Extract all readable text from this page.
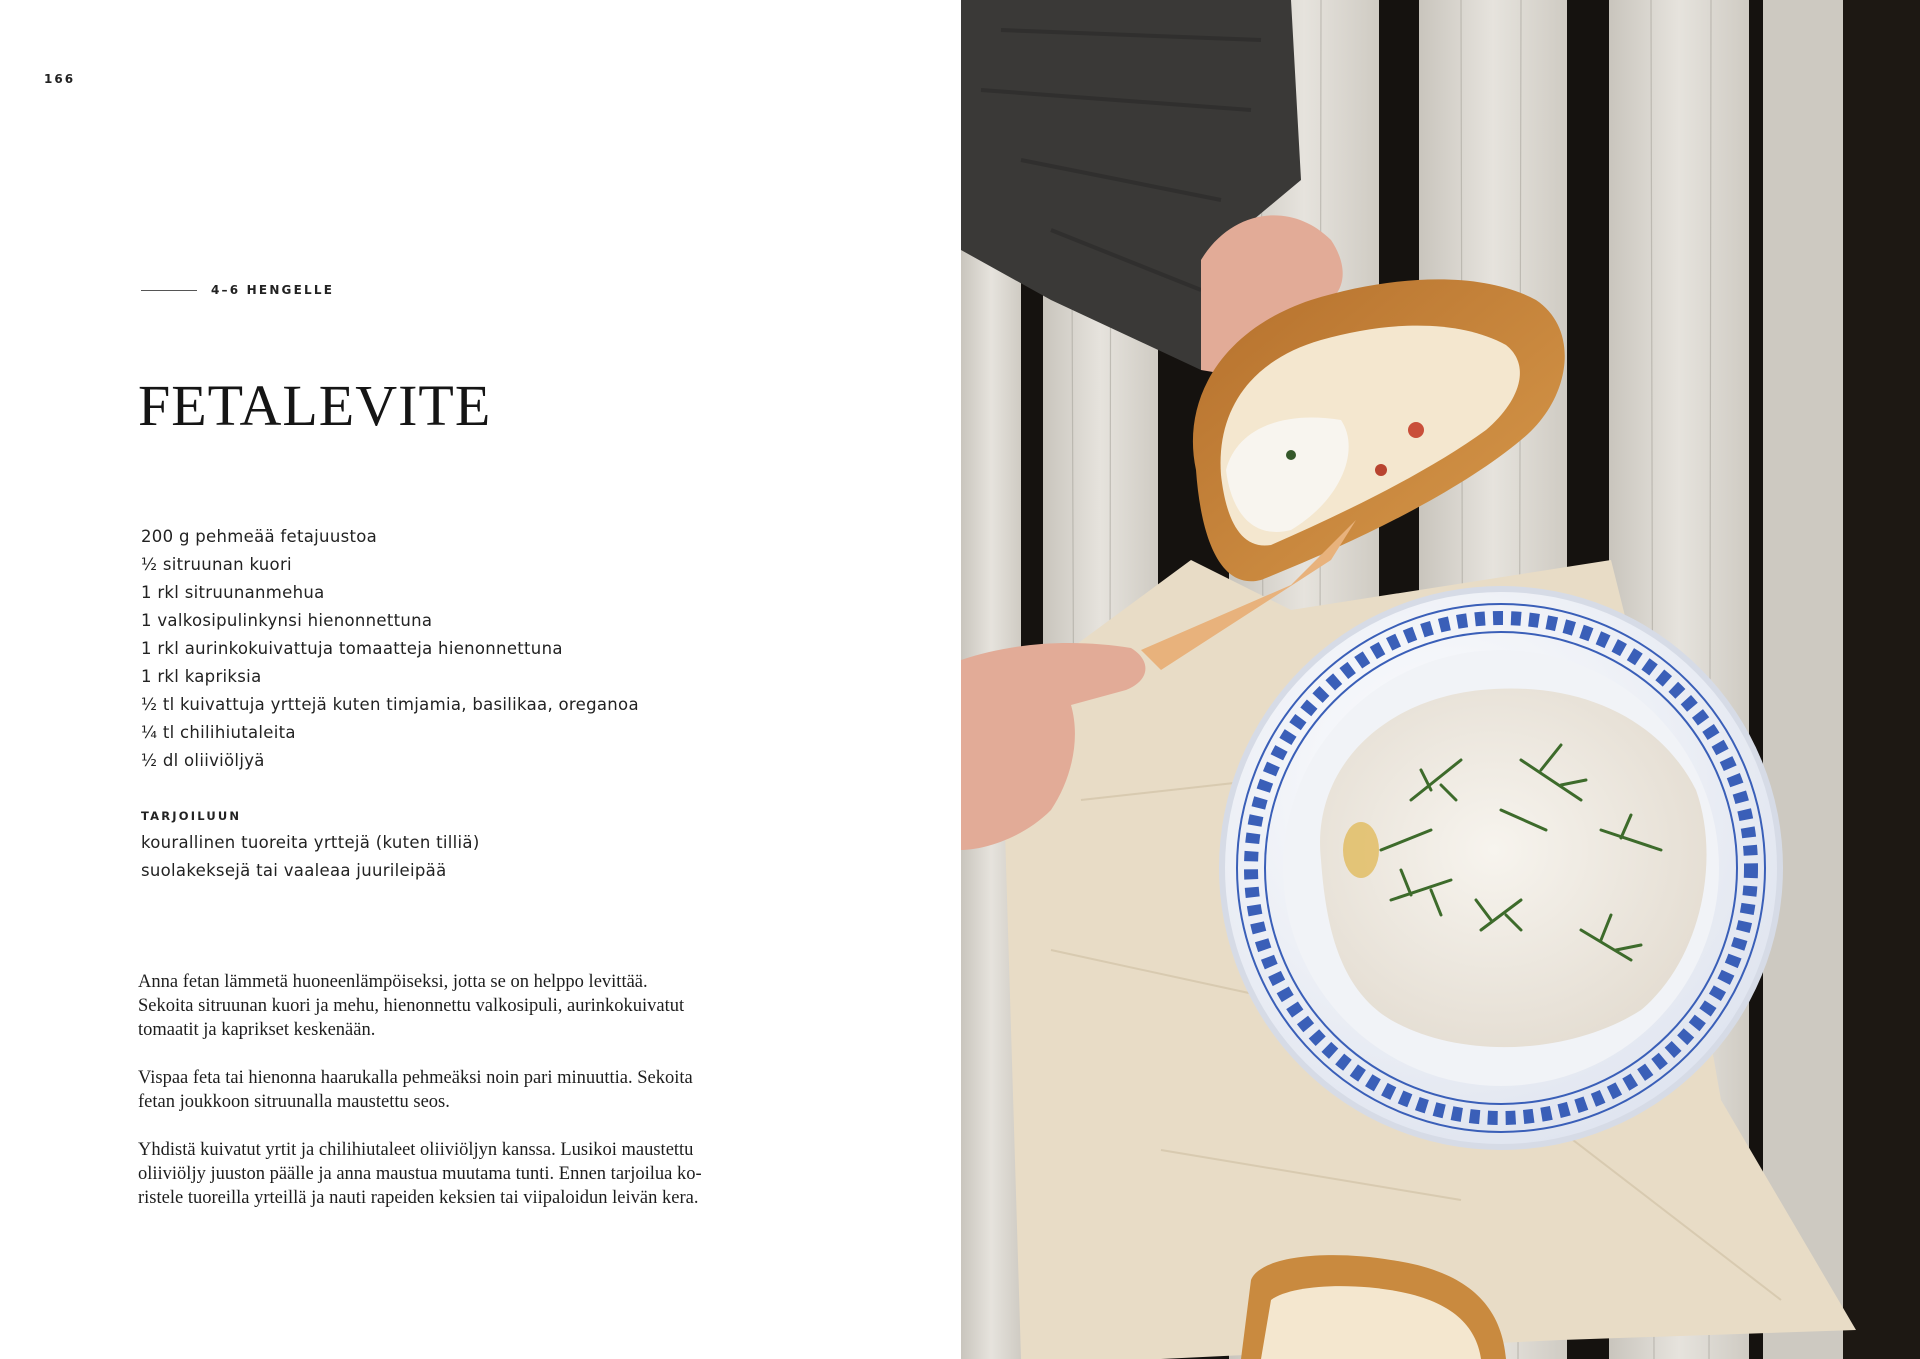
166
4–6 HENGELLE
FETALEVITE
200 g pehmeää fetajuustoa
½ sitruunan kuori
1 rkl sitruunanmehua
1 valkosipulinkynsi hienonnettuna
1 rkl aurinkokuivattuja tomaatteja hienonnettuna
1 rkl kapriksia
½ tl kuivattuja yrttejä kuten timjamia, basilikaa, oreganoa
¼ tl chilihiutaleita
½ dl oliiviöljyä
TARJOILUUN
kourallinen tuoreita yrttejä (kuten tilliä)
suolakeksejä tai vaaleaa juurileipää

Anna fetan lämmetä huoneenlämpöiseksi, jotta se on helppo levittää.
Sekoita sitruunan kuori ja mehu, hienonnettu valkosipuli, aurinkokuivatut
tomaatit ja kaprikset keskenään.

Vispaa feta tai hienonna haarukalla pehmeäksi noin pari minuuttia. Sekoita
fetan joukkoon sitruunalla maustettu seos.

Yhdistä kuivatut yrtit ja chilihiutaleet oliiviöljyn kanssa. Lusikoi maustettu
oliiviöljy juuston päälle ja anna maustua muutama tunti. Ennen tarjoilua ko-
ristele tuoreilla yrteillä ja nauti rapeiden keksien tai viipaloidun leivän kera.
